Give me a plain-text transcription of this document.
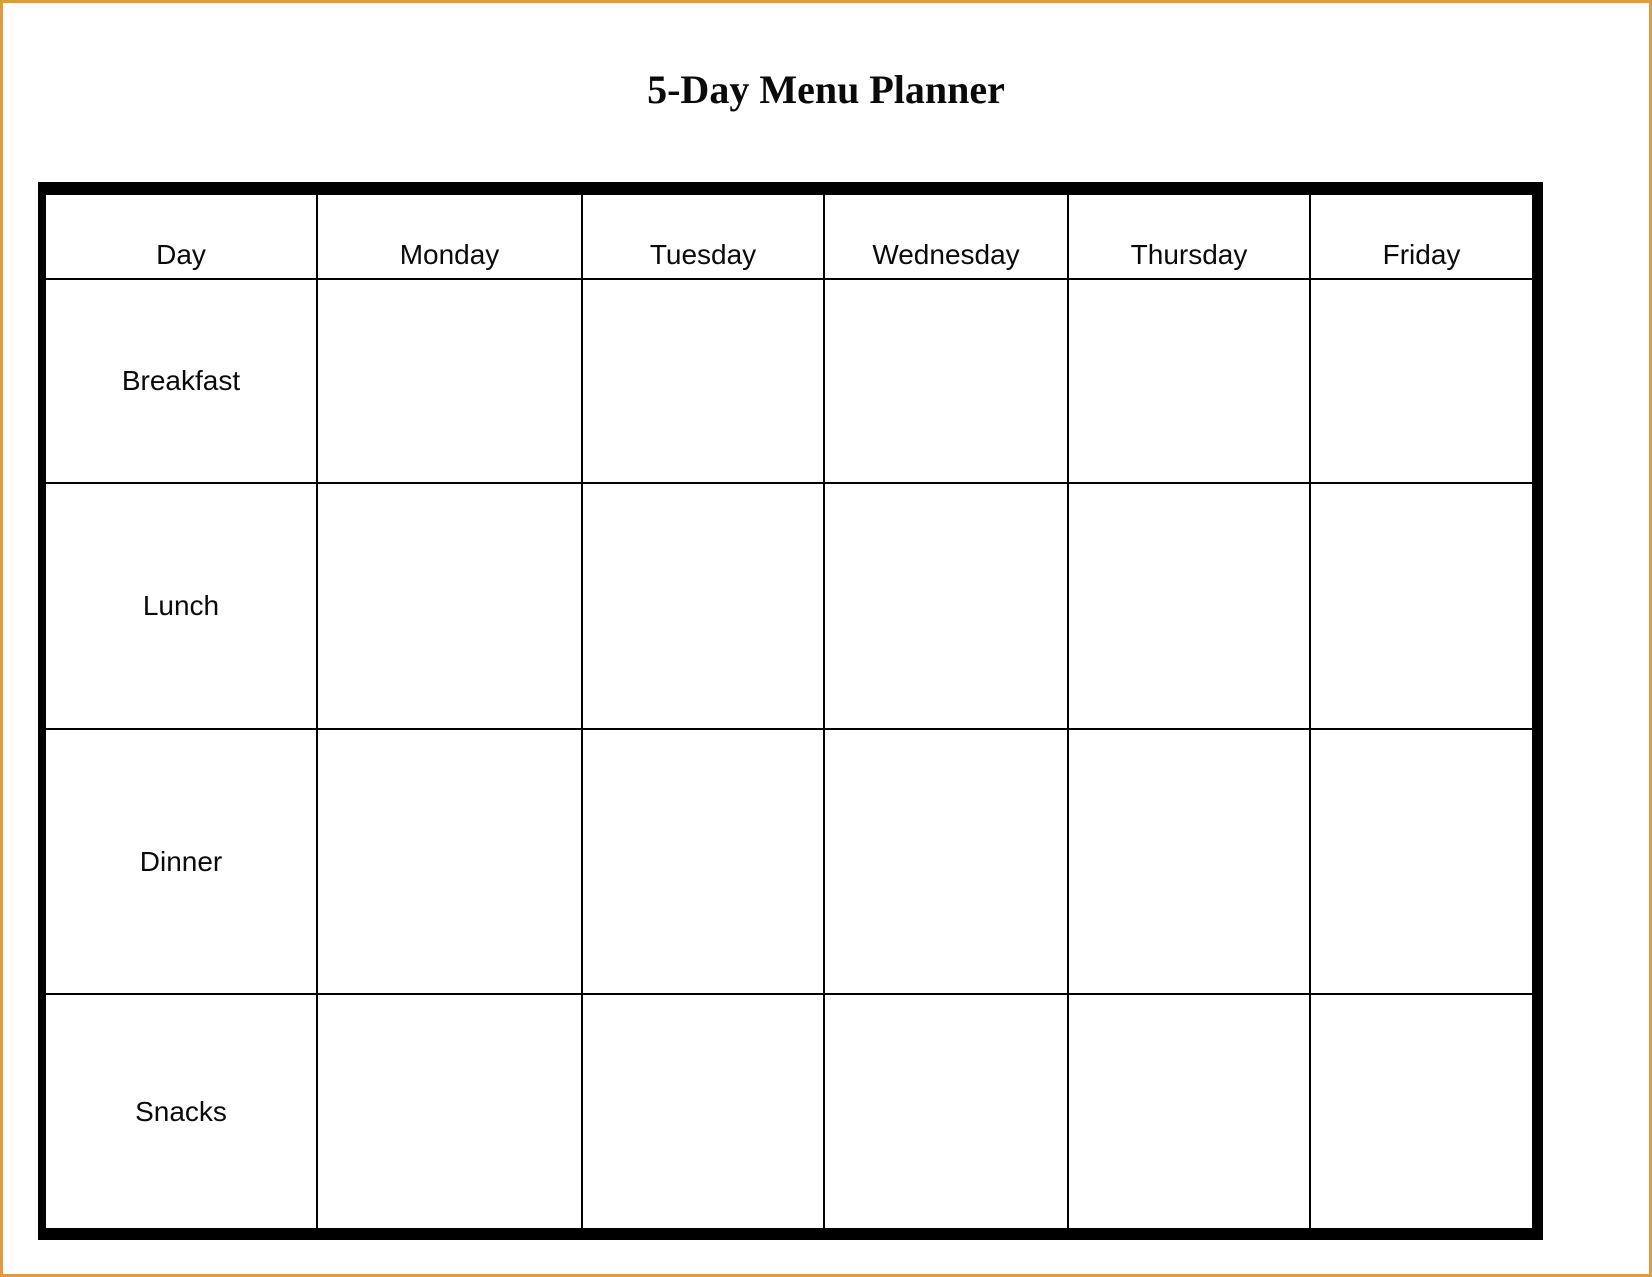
5-Day Menu Planner
Day	Monday	Tuesday	Wednesday	Thursday	Friday
Breakfast
Lunch
Dinner
Snacks
